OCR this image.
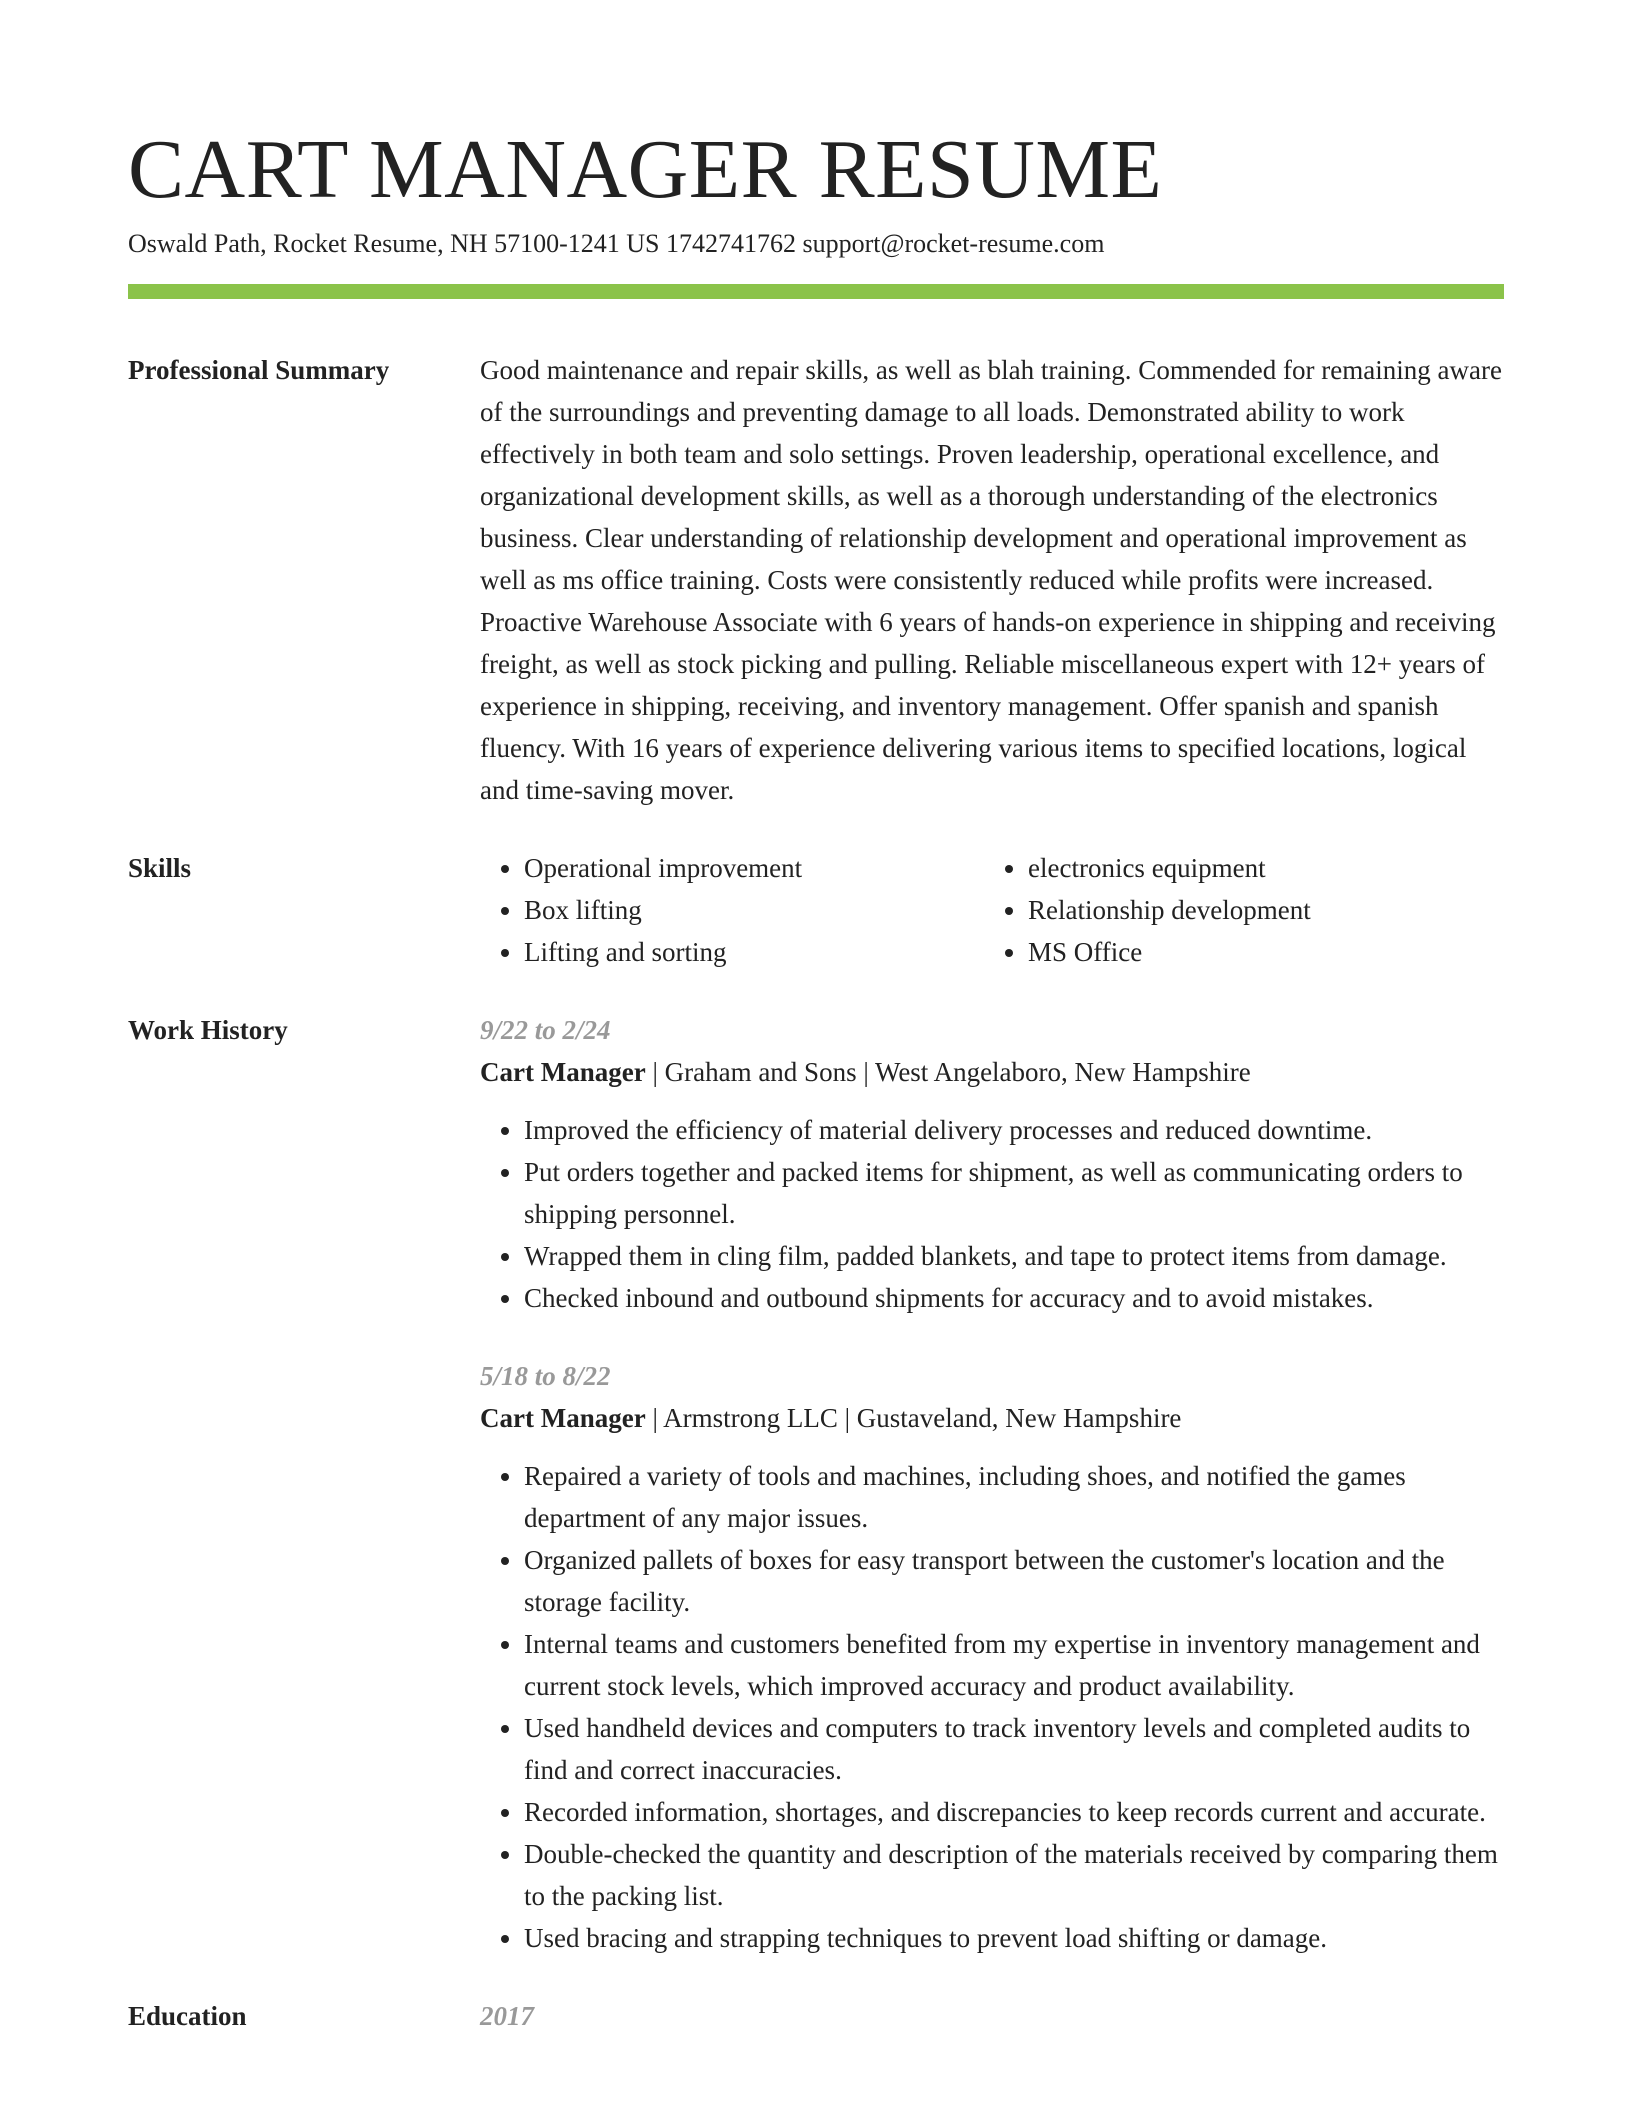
CART MANAGER RESUME
Oswald Path, Rocket Resume, NH 57100-1241 US 1742741762 support@rocket-resume.com
Professional Summary	Good maintenance and repair skills, as well as blah training. Commended for remaining aware of the surroundings and preventing damage to all loads. Demonstrated ability to work effectively in both team and solo settings. Proven leadership, operational excellence, and organizational development skills, as well as a thorough understanding of the electronics business. Clear understanding of relationship development and operational improvement as well as ms office training. Costs were consistently reduced while profits were increased. Proactive Warehouse Associate with 6 years of hands-on experience in shipping and receiving freight, as well as stock picking and pulling. Reliable miscellaneous expert with 12+ years of experience in shipping, receiving, and inventory management. Offer spanish and spanish fluency. With 16 years of experience delivering various items to specified locations, logical and time-saving mover.

Skills
•	Operational improvement
• Box lifting
• Lifting and sorting
• electronics equipment
• Relationship development
• MS Office
Work History	9/22 to 2/24
Cart Manager | Graham and Sons | West Angelaboro, New Hampshire
• Improved the efficiency of material delivery processes and reduced downtime.
• Put orders together and packed items for shipment, as well as communicating orders to shipping personnel.
• Wrapped them in cling film, padded blankets, and tape to protect items from damage.
• Checked inbound and outbound shipments for accuracy and to avoid mistakes.
5/18 to 8/22
Cart Manager | Armstrong LLC | Gustaveland, New Hampshire
• Repaired a variety of tools and machines, including shoes, and notified the games department of any major issues.
• Organized pallets of boxes for easy transport between the customer's location and the storage facility.
• Internal teams and customers benefited from my expertise in inventory management and current stock levels, which improved accuracy and product availability.
• Used handheld devices and computers to track inventory levels and completed audits to find and correct inaccuracies.
• Recorded information, shortages, and discrepancies to keep records current and accurate.
• Double-checked the quantity and description of the materials received by comparing them to the packing list.
• Used bracing and strapping techniques to prevent load shifting or damage.
Education	2017
